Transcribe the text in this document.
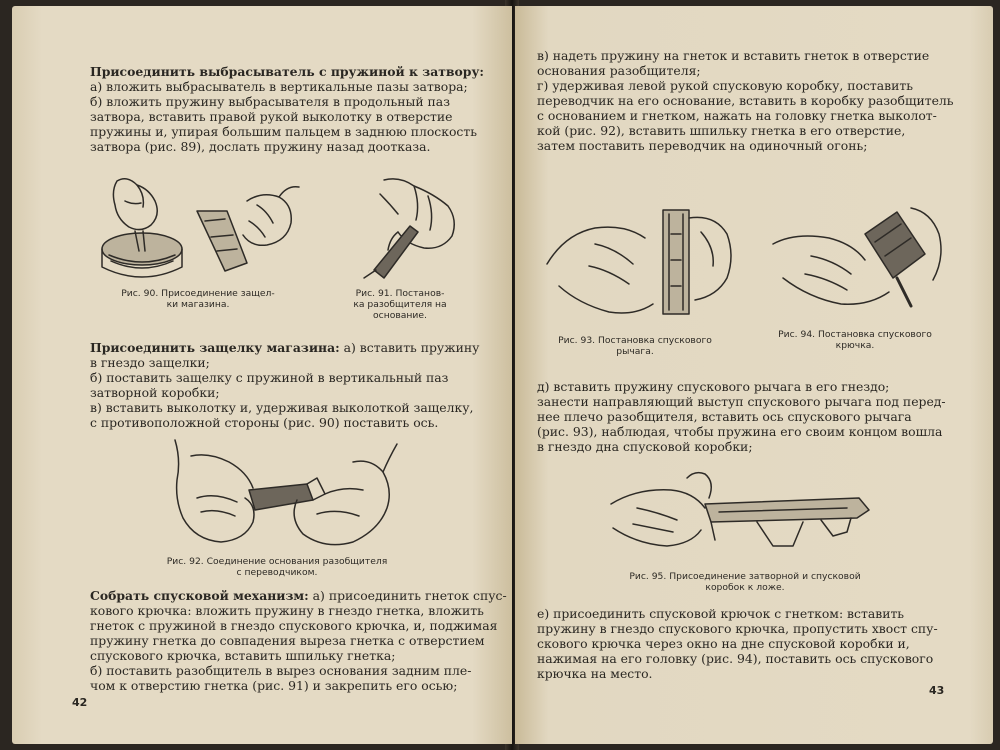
Присоединить выбрасыватель с пружиной к затвору:
а) вложить выбрасыватель в вертикальные пазы затвора;
б) вложить пружину выбрасывателя в продольный паз
затвора, вставить правой рукой выколотку в отверстие
пружины и, упирая большим пальцем в заднюю плоскость
затвора (рис. 89), дослать пружину назад доотказа.
Рис. 90. Присоединение защел-
ки магазина.
Рис. 91. Постанов-
ка разобщителя на
основание.
Присоединить защелку магазина: а) вставить пружину
в гнездо защелки;
б) поставить защелку с пружиной в вертикальный паз
затворной коробки;
в) вставить выколотку и, удерживая выколоткой защелку,
с противоположной стороны (рис. 90) поставить ось.
Рис. 92. Соединение основания разобщителя
с переводчиком.
Собрать спусковой механизм: а) присоединить гнеток спус-
кового крючка: вложить пружину в гнездо гнетка, вложить
гнеток с пружиной в гнездо спускового крючка, и, поджимая
пружину гнетка до совпадения выреза гнетка с отверстием
спускового крючка, вставить шпильку гнетка;
б) поставить разобщитель в вырез основания задним пле-
чом к отверстию гнетка (рис. 91) и закрепить его осью;
42
в) надеть пружину на гнеток и вставить гнеток в отверстие
основания разобщителя;
г) удерживая левой рукой спусковую коробку, поставить
переводчик на его основание, вставить в коробку разобщитель
с основанием и гнетком, нажать на головку гнетка выколот-
кой (рис. 92), вставить шпильку гнетка в его отверстие,
затем поставить переводчик на одиночный огонь;
Рис. 93. Постановка спускового
рычага.
Рис. 94. Постановка спускового
крючка.
д) вставить пружину спускового рычага в его гнездо;
занести направляющий выступ спускового рычага под перед-
нее плечо разобщителя, вставить ось спускового рычага
(рис. 93), наблюдая, чтобы пружина его своим концом вошла
в гнездо дна спусковой коробки;
Рис. 95. Присоединение затворной и спусковой
коробок к ложе.
е) присоединить спусковой крючок с гнетком: вставить
пружину в гнездо спускового крючка, пропустить хвост спу-
скового крючка через окно на дне спусковой коробки и,
нажимая на его головку (рис. 94), поставить ось спускового
крючка на место.
43
